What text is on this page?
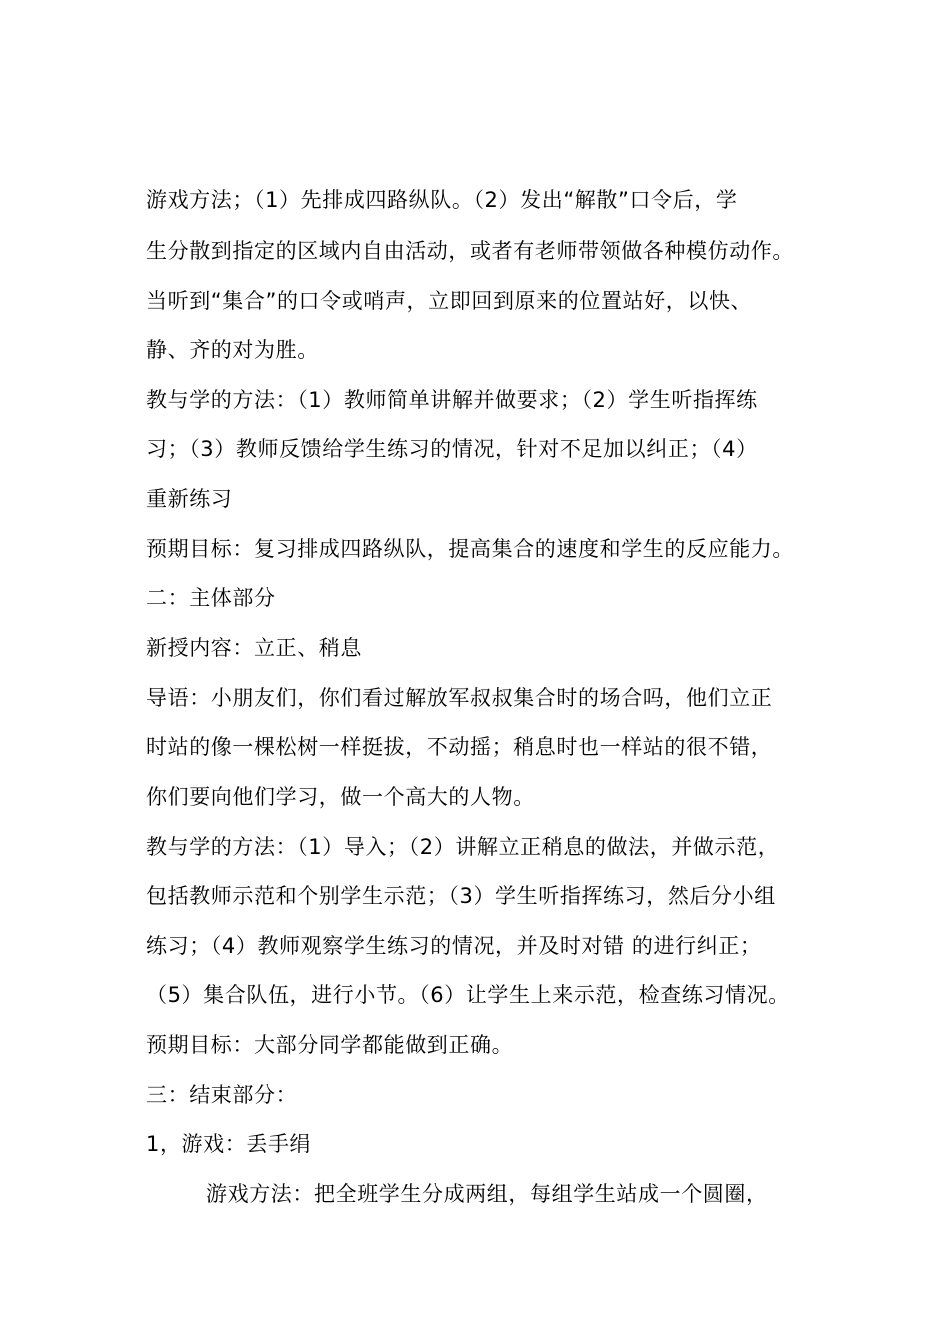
游戏方法；（1）先排成四路纵队。（2）发出“解散”口令后，学
生分散到指定的区域内自由活动，或者有老师带领做各种模仿动作。
当听到“集合”的口令或哨声，立即回到原来的位置站好，以快、
静、齐的对为胜。
教与学的方法：（1）教师简单讲解并做要求；（2）学生听指挥练
习；（3）教师反馈给学生练习的情况，针对不足加以纠正；（4）
重新练习
预期目标：复习排成四路纵队，提高集合的速度和学生的反应能力。
二：主体部分
新授内容：立正、稍息
导语：小朋友们，你们看过解放军叔叔集合时的场合吗，他们立正
时站的像一棵松树一样挺拔，不动摇；稍息时也一样站的很不错，
你们要向他们学习，做一个高大的人物。
教与学的方法：（1）导入；（2）讲解立正稍息的做法，并做示范，
包括教师示范和个别学生示范；（3）学生听指挥练习，然后分小组
练习；（4）教师观察学生练习的情况，并及时对错 的进行纠正；
（5）集合队伍，进行小节。（6）让学生上来示范，检查练习情况。
预期目标：大部分同学都能做到正确。
三：结束部分：
1，游戏：丢手绢
游戏方法：把全班学生分成两组，每组学生站成一个圆圈，
